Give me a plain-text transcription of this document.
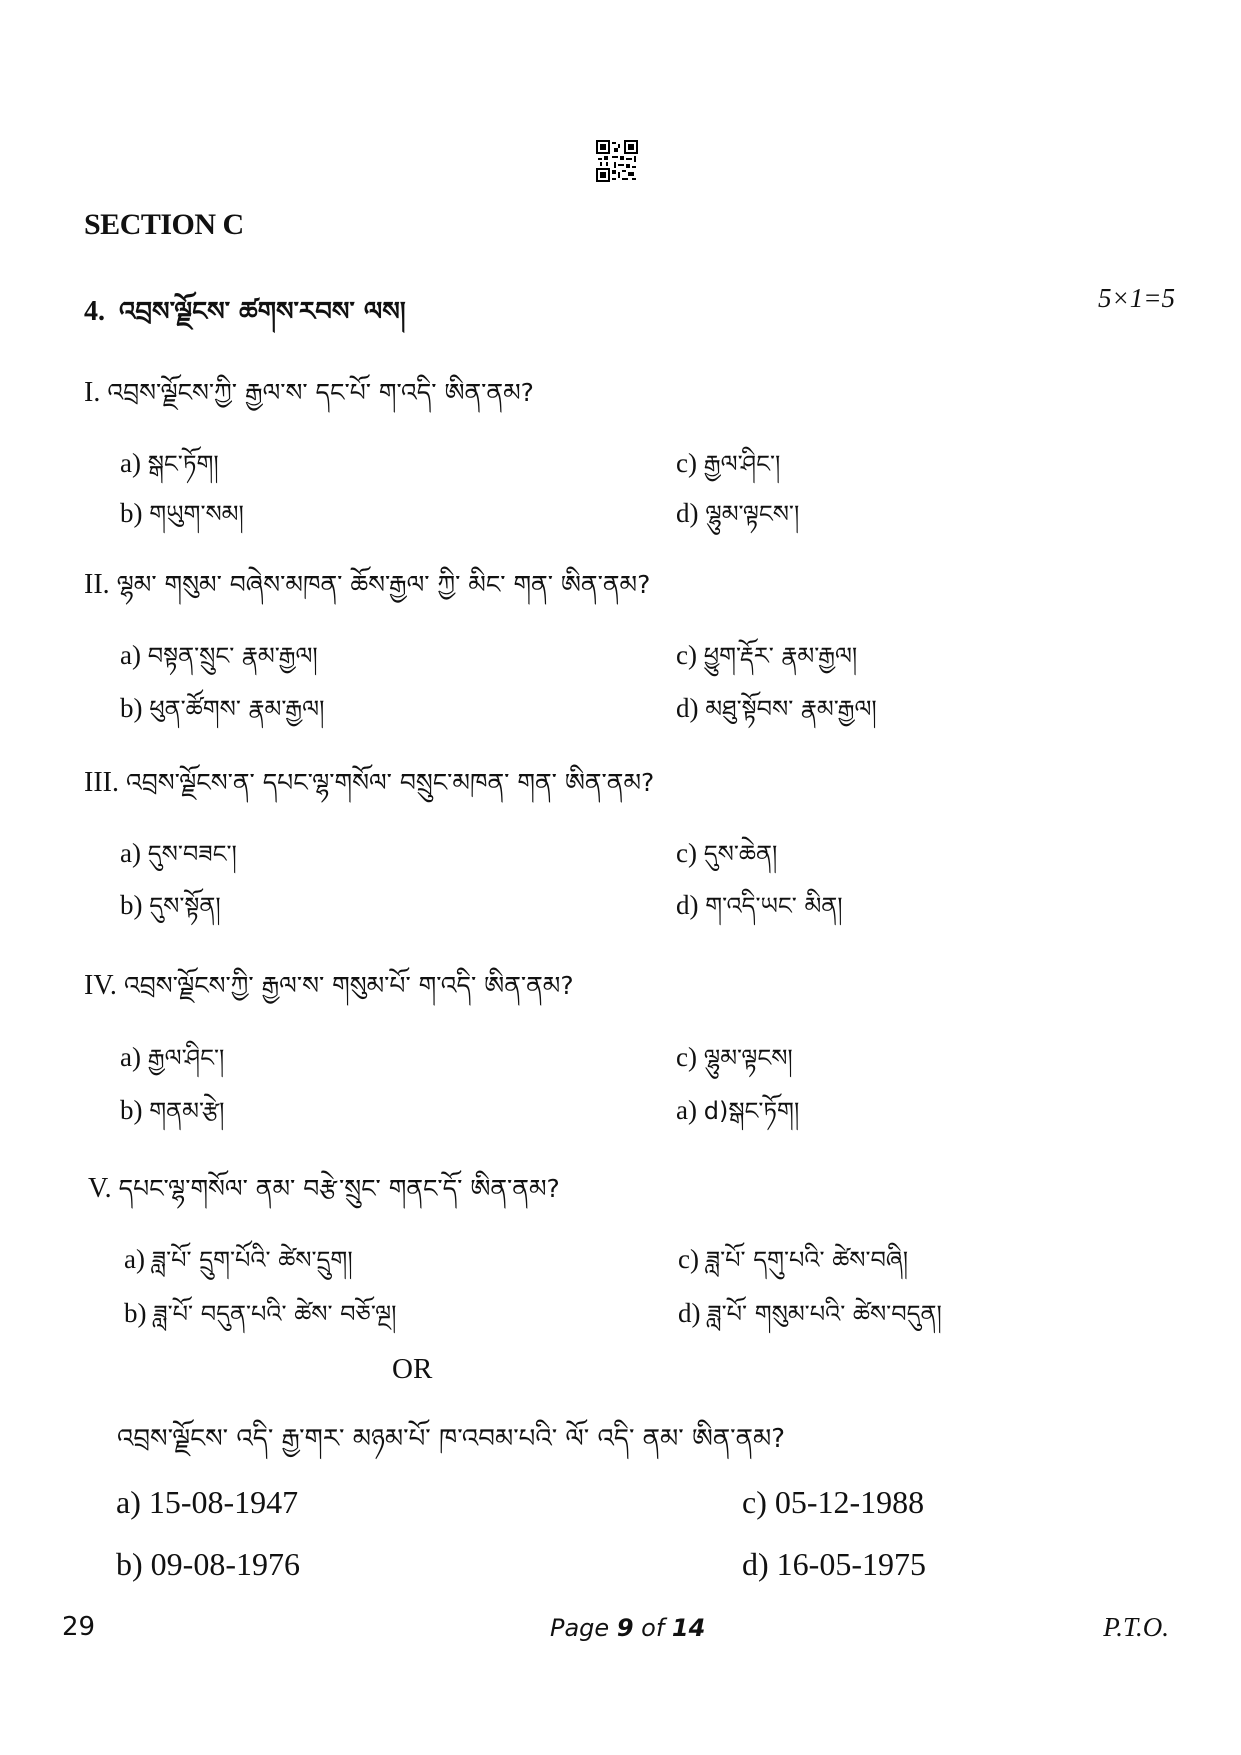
SECTION C
4. འབྲས་ལྗོངས་ ཚགས་རབས་ ལས།	5×1=5
I. འབྲས་ལྗོངས་ཀྱི་ རྒྱལ་ས་ དང་པོ་ ག་འདི་ ཨིན་ནམ?
a) སྒང་ཏོག།	c) རྒྱལ་ཤིང་།
b) གཡུག་སམ།	d) ལྷུམ་ལྟངས་།
II. ལྷམ་ གསུམ་ བཞེས་མཁན་ ཆོས་རྒྱལ་ ཀྱི་ མིང་ གན་ ཨིན་ནམ?
a) བསྟན་སྲུང་ རྣམ་རྒྱལ།	c) ཕྱུག་རྡོར་ རྣམ་རྒྱལ།
b) ཕུན་ཚོགས་ རྣམ་རྒྱལ།	d) མཐུ་སྟོབས་ རྣམ་རྒྱལ།
III. འབྲས་ལྗོངས་ན་ དཔང་ལྷ་གསོལ་ བསྲུང་མཁན་ གན་ ཨིན་ནམ?
a) དུས་བཟང་།	c) དུས་ཆེན།
b) དུས་སྟོན།	d) ག་འདི་ཡང་ མིན།
IV. འབྲས་ལྗོངས་ཀྱི་ རྒྱལ་ས་ གསུམ་པོ་ ག་འདི་ ཨིན་ནམ?
a) རྒྱལ་ཤིང་།	c) ལྷུམ་ལྟངས།
b) གནམ་རྩེ།	a) d)སྒང་ཏོག།
V. དཔང་ལྷ་གསོལ་ ནམ་ བརྩེ་སྲུང་ གནང་དོ་ ཨིན་ནམ?
a) ཟླ་པོ་ དྲུག་པོའི་ ཚེས་དྲུག།	c) ཟླ་པོ་ དགུ་པའི་ ཚེས་བཞི།
b) ཟླ་པོ་ བདུན་པའི་ ཚེས་ བཅོ་ལྔ།	d) ཟླ་པོ་ གསུམ་པའི་ ཚེས་བདུན།
OR
འབྲས་ལྗོངས་ འདི་ རྒྱ་གར་ མཉམ་པོ་ ཁ་འབམ་པའི་ ལོ་ འདི་ ནམ་ ཨིན་ནམ?
a) 15-08-1947	c) 05-12-1988
b) 09-08-1976	d) 16-05-1975
29	Page 9 of 14	P.T.O.
